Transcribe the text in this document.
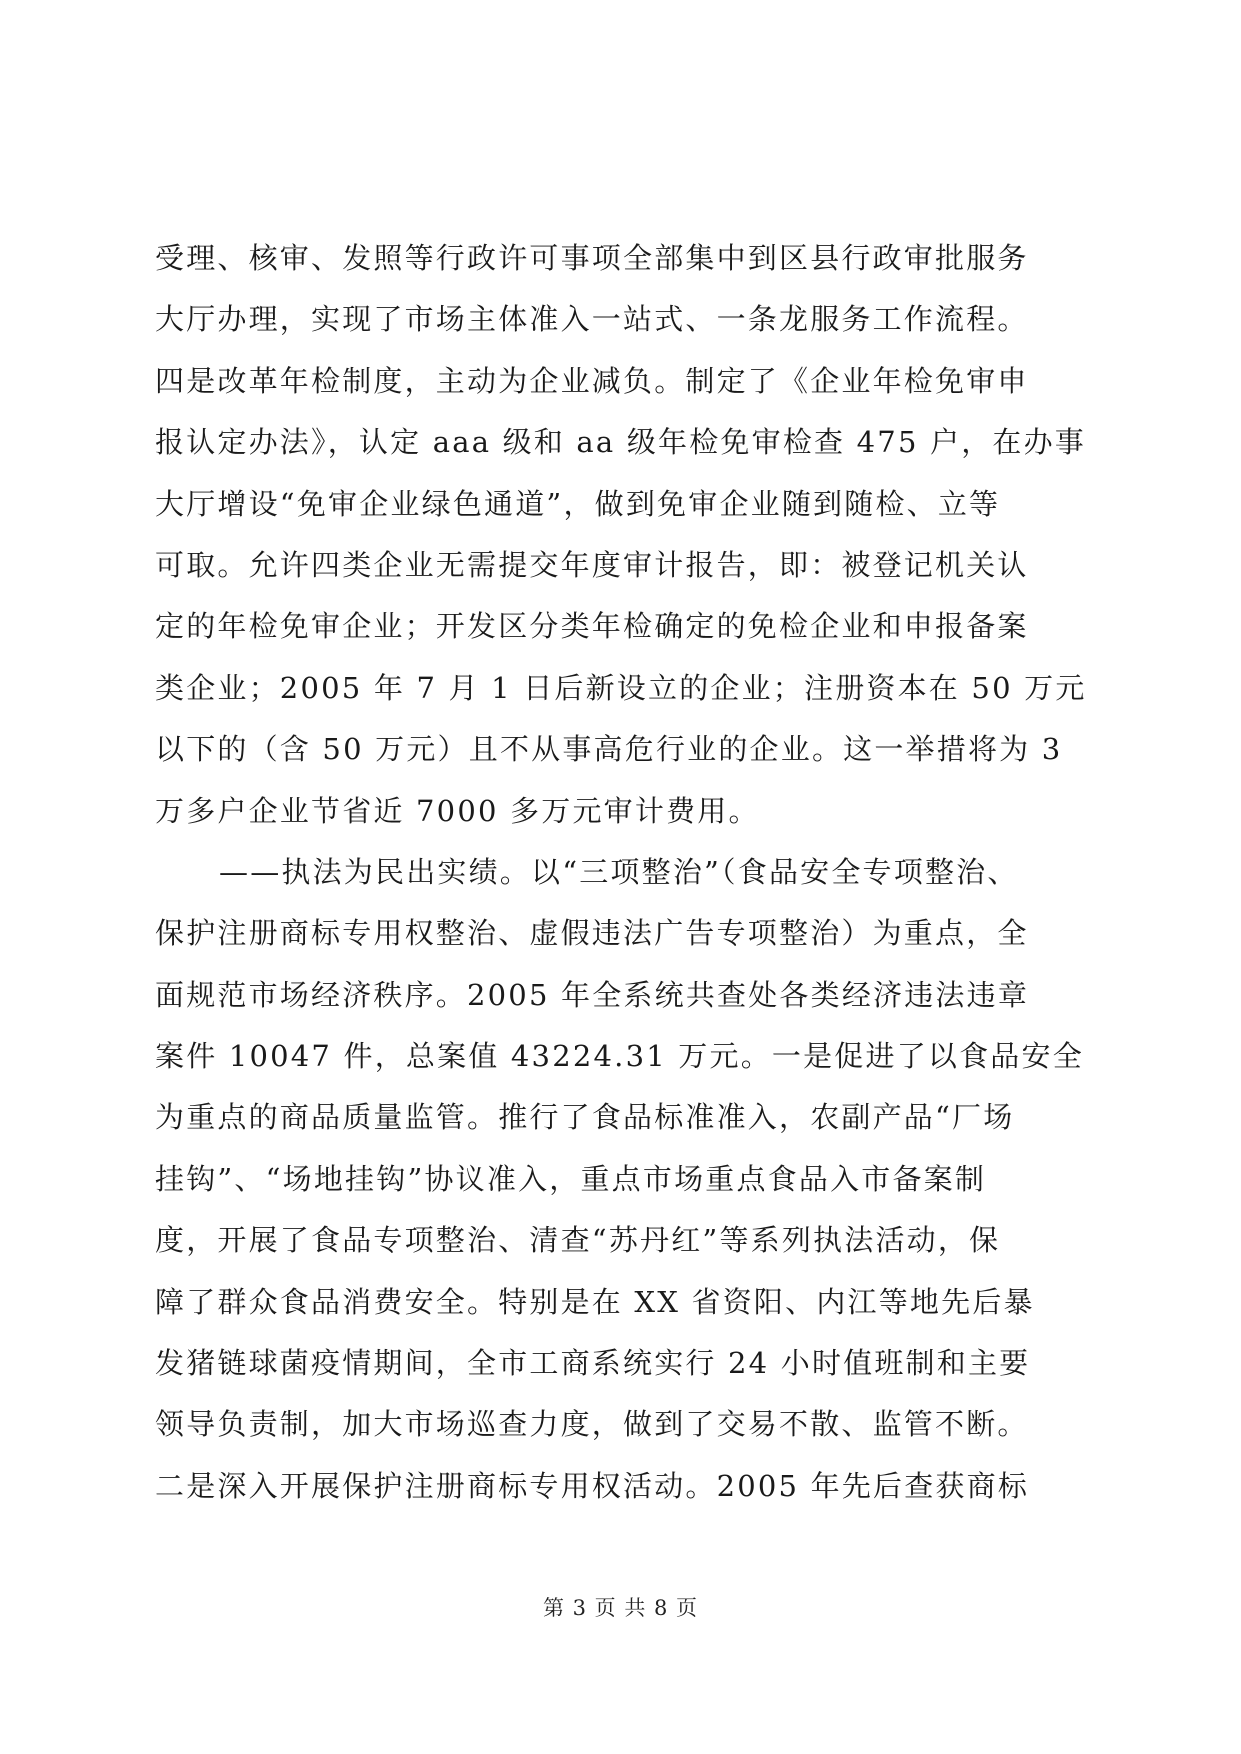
受理、核审、发照等行政许可事项全部集中到区县行政审批服务
大厅办理，实现了市场主体准入一站式、一条龙服务工作流程。
四是改革年检制度，主动为企业减负。制定了《企业年检免审申
报认定办法》，认定 aaa 级和 aa 级年检免审检查 475 户，在办事
大厅增设“免审企业绿色通道”，做到免审企业随到随检、立等
可取。允许四类企业无需提交年度审计报告，即：被登记机关认
定的年检免审企业；开发区分类年检确定的免检企业和申报备案
类企业；2005 年 7 月 1 日后新设立的企业；注册资本在 50 万元
以下的（含 50 万元）且不从事高危行业的企业。这一举措将为 3
万多户企业节省近 7000 多万元审计费用。
——执法为民出实绩。以“三项整治”（食品安全专项整治、
保护注册商标专用权整治、虚假违法广告专项整治）为重点，全
面规范市场经济秩序。2005 年全系统共查处各类经济违法违章
案件 10047 件，总案值 43224.31 万元。一是促进了以食品安全
为重点的商品质量监管。推行了食品标准准入，农副产品“厂场
挂钩”、“场地挂钩”协议准入，重点市场重点食品入市备案制
度，开展了食品专项整治、清查“苏丹红”等系列执法活动，保
障了群众食品消费安全。特别是在 XX 省资阳、内江等地先后暴
发猪链球菌疫情期间，全市工商系统实行 24 小时值班制和主要
领导负责制，加大市场巡查力度，做到了交易不散、监管不断。
二是深入开展保护注册商标专用权活动。2005 年先后查获商标
第 3 页 共 8 页
